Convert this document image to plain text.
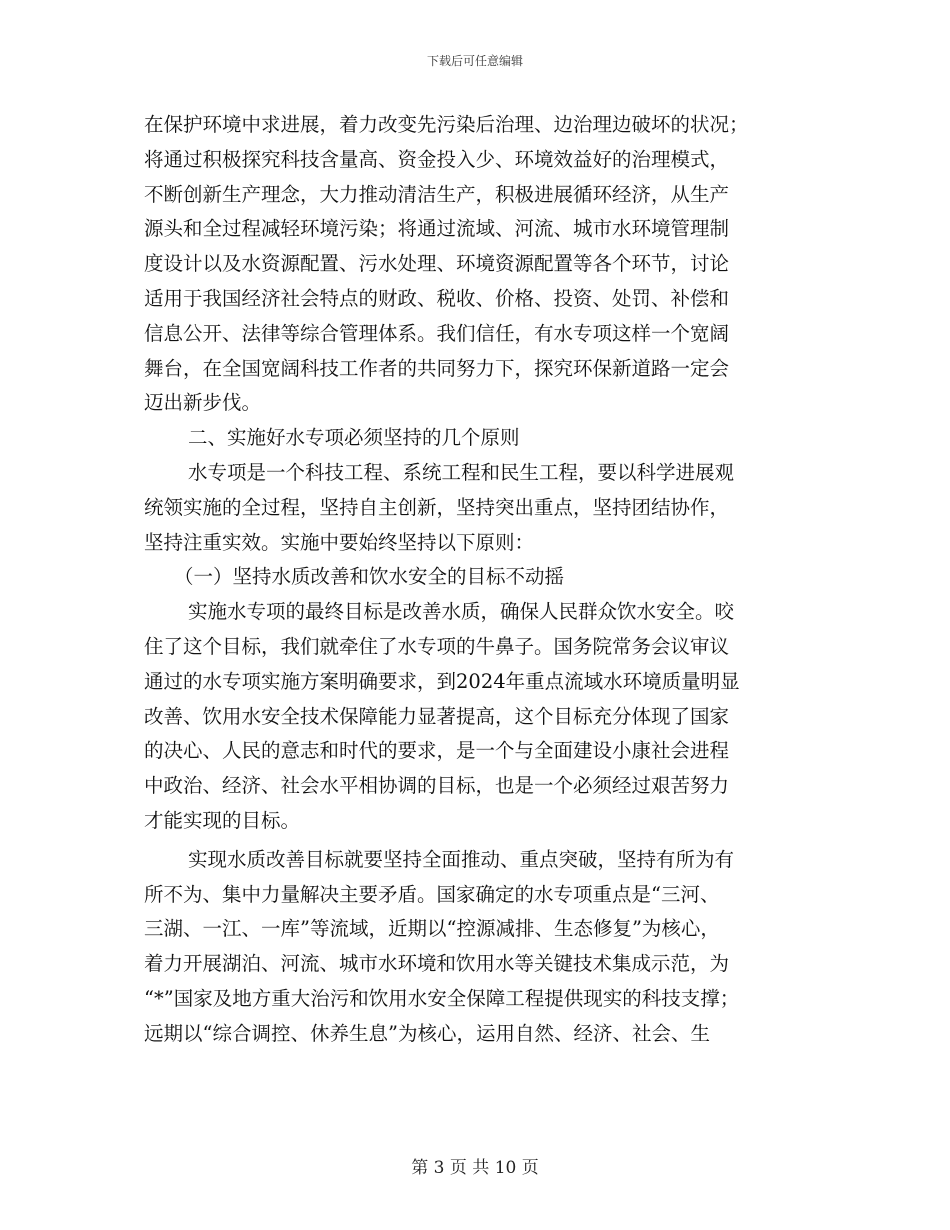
下载后可任意编辑
在保护环境中求进展，着力改变先污染后治理、边治理边破坏的状况；
将通过积极探究科技含量高、资金投入少、环境效益好的治理模式，
不断创新生产理念，大力推动清洁生产，积极进展循环经济，从生产
源头和全过程减轻环境污染；将通过流域、河流、城市水环境管理制
度设计以及水资源配置、污水处理、环境资源配置等各个环节，讨论
适用于我国经济社会特点的财政、税收、价格、投资、处罚、补偿和
信息公开、法律等综合管理体系。我们信任，有水专项这样一个宽阔
舞台，在全国宽阔科技工作者的共同努力下，探究环保新道路一定会
迈出新步伐。
二、实施好水专项必须坚持的几个原则
水专项是一个科技工程、系统工程和民生工程，要以科学进展观
统领实施的全过程，坚持自主创新，坚持突出重点，坚持团结协作，
坚持注重实效。实施中要始终坚持以下原则：
（一）坚持水质改善和饮水安全的目标不动摇
实施水专项的最终目标是改善水质，确保人民群众饮水安全。咬
住了这个目标，我们就牵住了水专项的牛鼻子。国务院常务会议审议
通过的水专项实施方案明确要求，到2024年重点流域水环境质量明显
改善、饮用水安全技术保障能力显著提高，这个目标充分体现了国家
的决心、人民的意志和时代的要求，是一个与全面建设小康社会进程
中政治、经济、社会水平相协调的目标，也是一个必须经过艰苦努力
才能实现的目标。
实现水质改善目标就要坚持全面推动、重点突破，坚持有所为有
所不为、集中力量解决主要矛盾。国家确定的水专项重点是“三河、
三湖、一江、一库”等流域，近期以“控源减排、生态修复”为核心，
着力开展湖泊、河流、城市水环境和饮用水等关键技术集成示范，为
“*”国家及地方重大治污和饮用水安全保障工程提供现实的科技支撑；
远期以“综合调控、休养生息”为核心，运用自然、经济、社会、生
第 3 页 共 10 页
